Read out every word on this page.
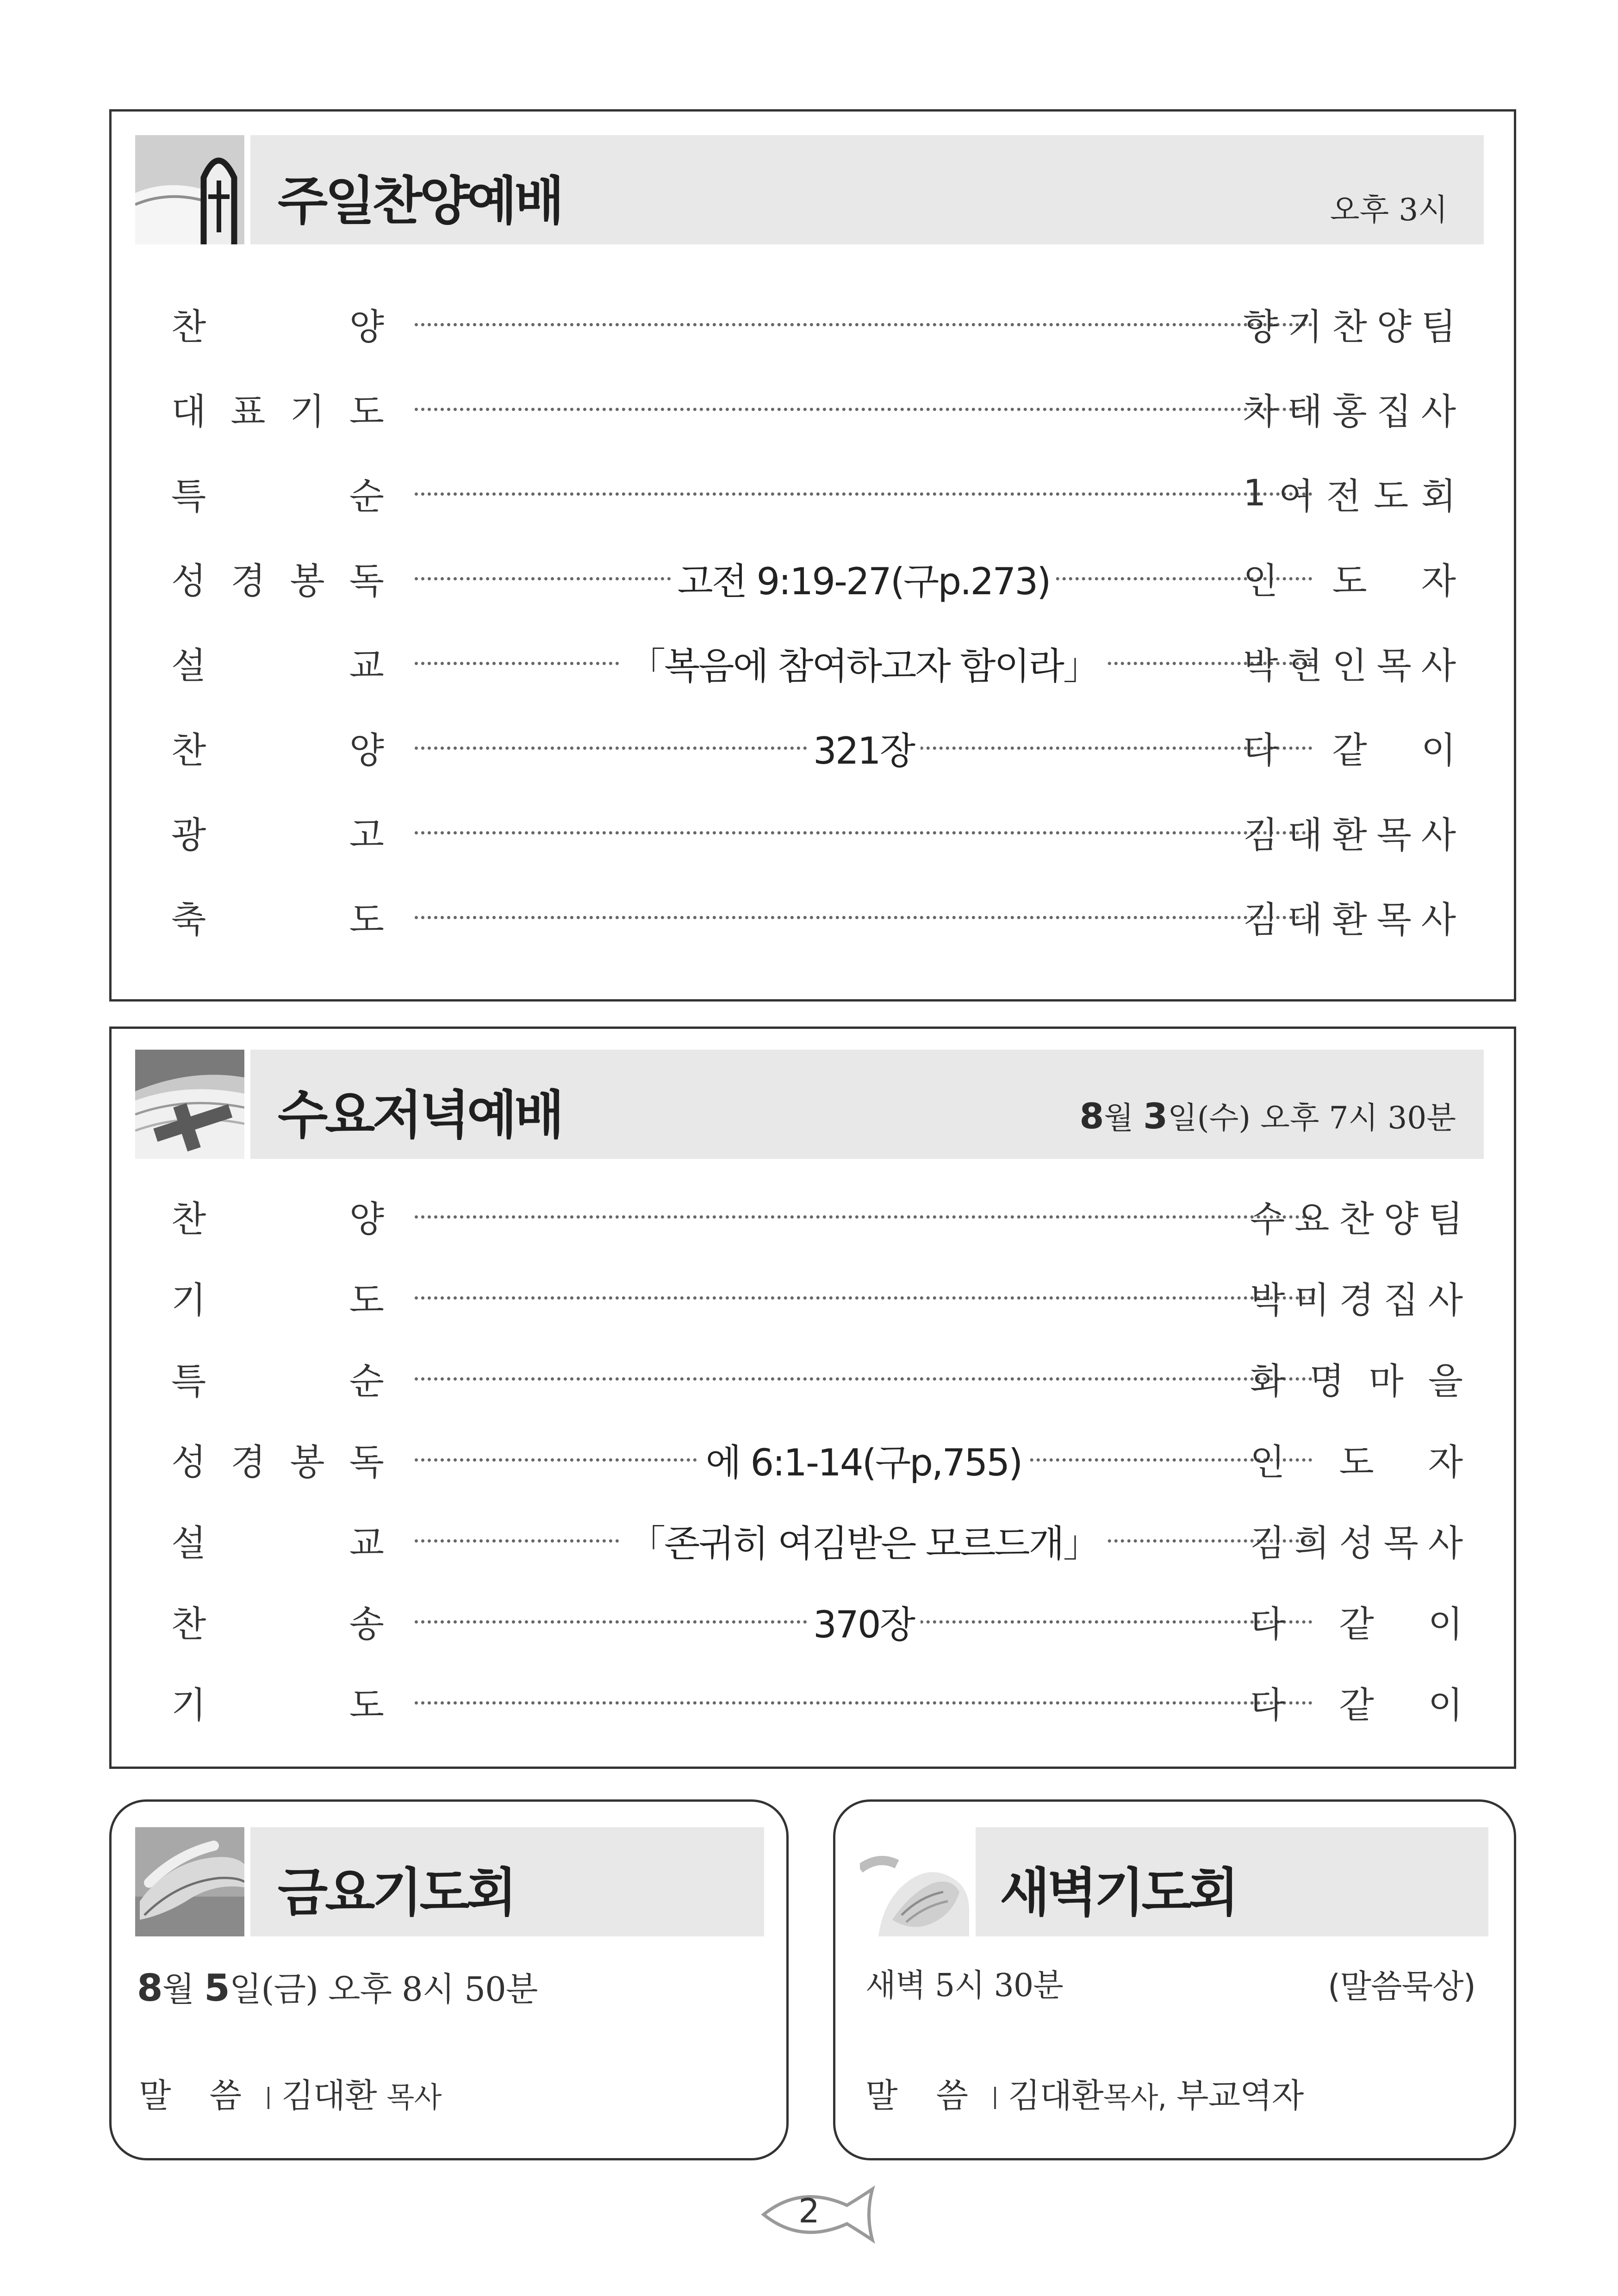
주일찬양예배	오후 3시
찬	양	향 기 찬 양 팀
대 표 기 도	차 태 홍 집 사
특	순	1 여 전 도 회
성 경 봉 독	고전 9:19-27(구p.273)	인 도 자
설	교	「복음에 참여하고자 함이라」	박 현 인 목 사
찬	양	321장	다 같 이
광	고	김 대 환 목 사
축	도	김 대 환 목 사
수요저녁예배	8월 3일(수) 오후 7시 30분
찬	양	수 요 찬 양 팀
기	도	박 미 경 집 사
특	순	화 명 마 을
성 경 봉 독	에 6:1-14(구p,755)	인 도 자
설	교	「존귀히 여김받은 모르드개」	김 희 성 목 사
찬	송	370장	다 같 이
기	도	다 같 이
금요기도회
8월 5일(금) 오후 8시 50분
말 씀 김대환 목사
새벽기도회
새벽 5시 30분	(말씀묵상)
말 씀 김대환목사, 부교역자
2
